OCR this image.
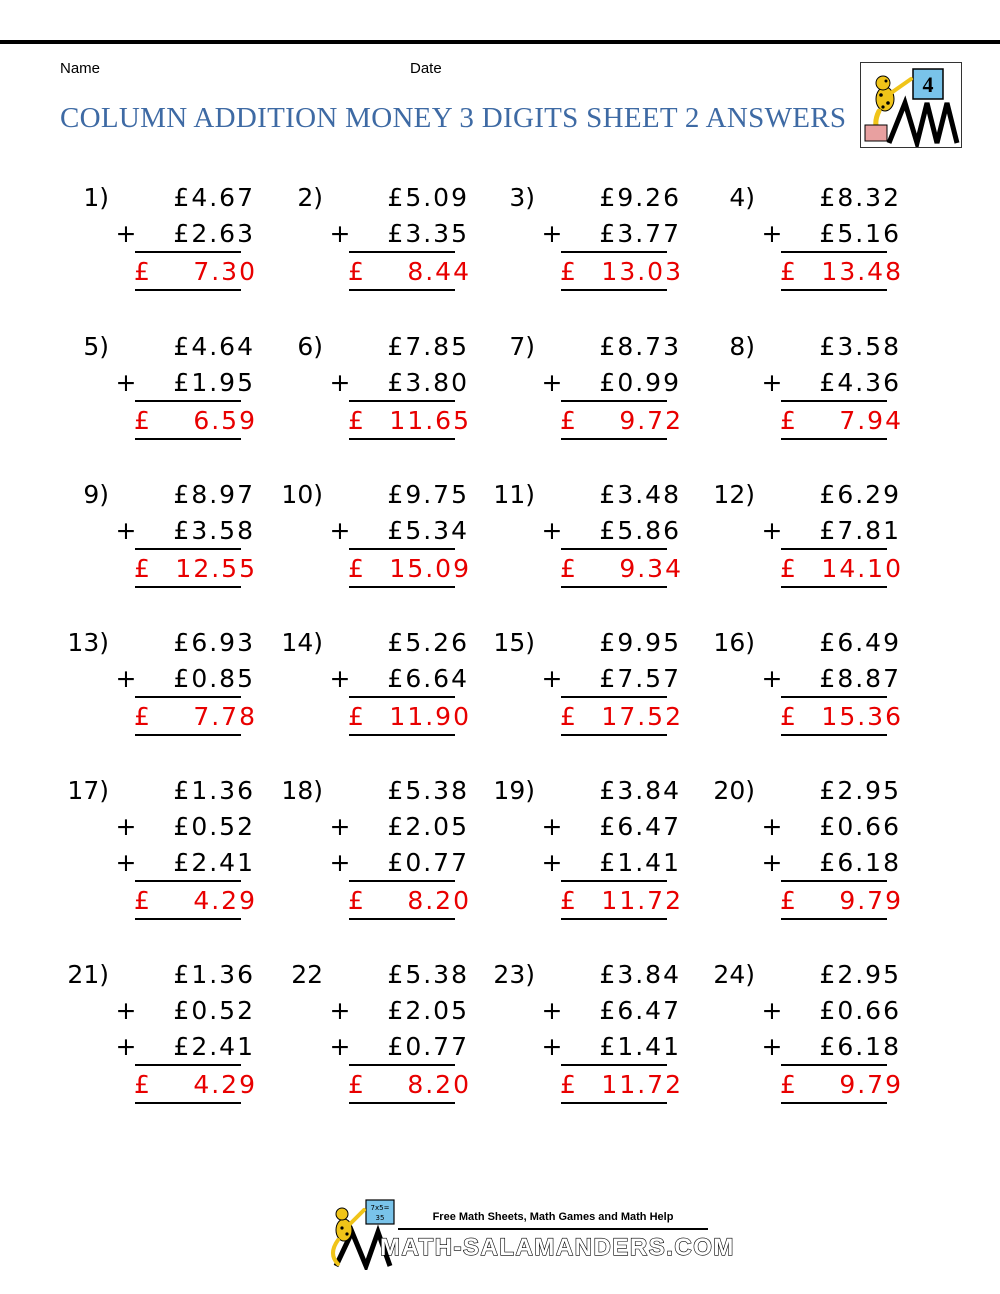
Name	Date
COLUMN ADDITION MONEY 3 DIGITS SHEET 2 ANSWERS
4
1)	£4.67
+ £2.63
£ 7.30
2)	£5.09
+ £3.35
£ 8.44
3)	£9.26
+ £3.77
£ 13.03
4)	£8.32
+ £5.16
£ 13.48
5)	£4.64
+ £1.95
£ 6.59
6)	£7.85
+ £3.80
£ 11.65
7)	£8.73
+ £0.99
£ 9.72
8)	£3.58
+ £4.36
£ 7.94
9)	£8.97
+ £3.58
£ 12.55
10)	£9.75
+ £5.34
£ 15.09
11)	£3.48
+ £5.86
£ 9.34
12)	£6.29
+ £7.81
£ 14.10
13)	£6.93
+ £0.85
£ 7.78
14)	£5.26
+ £6.64
£ 11.90
15)	£9.95
+ £7.57
£ 17.52
16)	£6.49
+ £8.87
£ 15.36
17)	£1.36
+ £0.52
+ £2.41
£ 4.29
18)	£5.38
+ £2.05
+ £0.77
£ 8.20
19)	£3.84
+ £6.47
+ £1.41
£ 11.72
20)	£2.95
+ £0.66
+ £6.18
£ 9.79
21)	£1.36
+ £0.52
+ £2.41
£ 4.29
22	£5.38
+ £2.05
+ £0.77
£ 8.20
23)	£3.84
+ £6.47
+ £1.41
£ 11.72
24)	£2.95
+ £0.66
+ £6.18
£ 9.79
7x5=
35	Free Math Sheets, Math Games and Math Help
MATH-SALAMANDERS.COM
